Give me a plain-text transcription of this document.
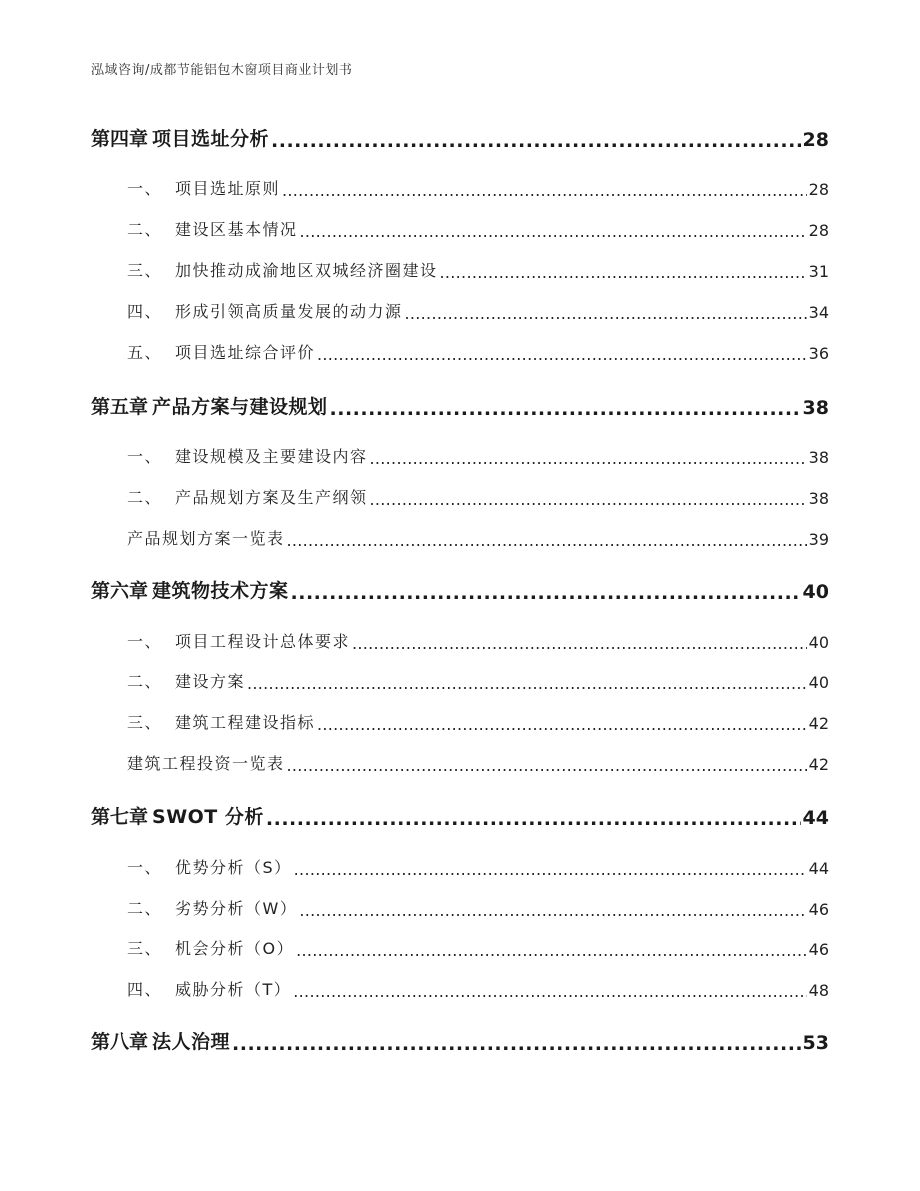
泓域咨询/成都节能铝包木窗项目商业计划书
第四章 项目选址分析 .....	28
一、 项目选址原则 .....	28
二、 建设区基本情况 .....	28
三、 加快推动成渝地区双城经济圈建设 .....	31
四、 形成引领高质量发展的动力源 .....	34
五、 项目选址综合评价 .....	36
第五章 产品方案与建设规划 .....	38
一、 建设规模及主要建设内容 .....	38
二、 产品规划方案及生产纲领 .....	38
产品规划方案一览表 .....	39
第六章 建筑物技术方案 .....	40
一、 项目工程设计总体要求 .....	40
二、 建设方案 .....	40
三、 建筑工程建设指标 .....	42
建筑工程投资一览表 .....	42
第七章 SWOT 分析 .....	44
一、 优势分析（S） .....	44
二、 劣势分析（W） .....	46
三、 机会分析（O） .....	46
四、 威胁分析（T） .....	48
第八章 法人治理 .....	53
